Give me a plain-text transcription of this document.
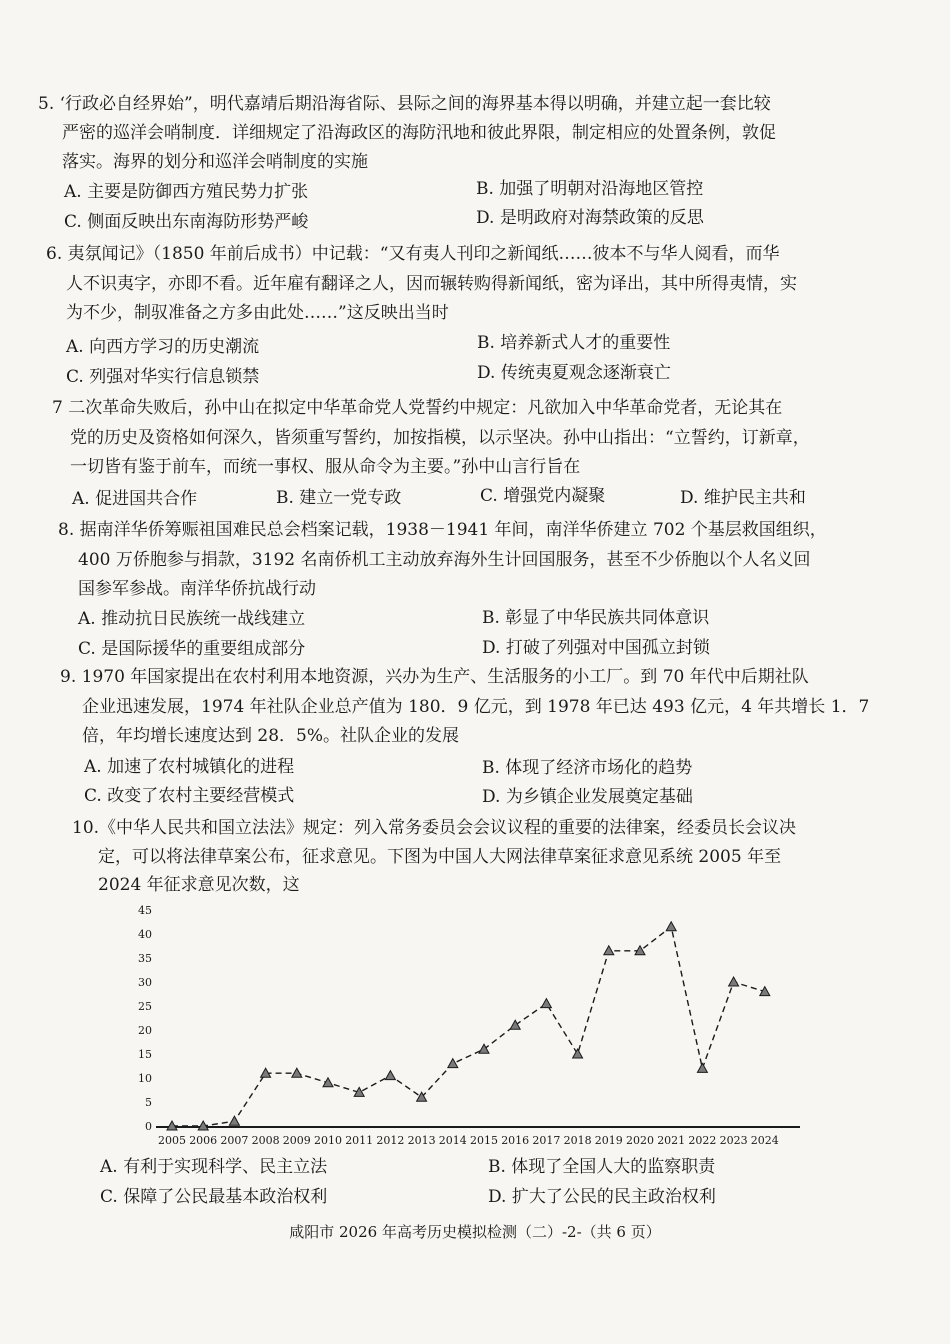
5. ‘行政必自经界始”，明代嘉靖后期沿海省际、县际之间的海界基本得以明确，并建立起一套比较
严密的巡洋会哨制度．详细规定了沿海政区的海防汛地和彼此界限，制定相应的处置条例，敦促
落实。海界的划分和巡洋会哨制度的实施
A. 主要是防御西方殖民势力扩张	B. 加强了明朝对沿海地区管控
C. 侧面反映出东南海防形势严峻	D. 是明政府对海禁政策的反思
6. 夷氛闻记》（1850 年前后成书）中记载：“又有夷人刊印之新闻纸……彼本不与华人阅看，而华
人不识夷字，亦即不看。近年雇有翻译之人，因而辗转购得新闻纸，密为译出，其中所得夷情，实
为不少，制驭准备之方多由此处……”这反映出当时
A. 向西方学习的历史潮流	B. 培养新式人才的重要性
C. 列强对华实行信息锁禁	D. 传统夷夏观念逐渐衰亡
7 二次革命失败后，孙中山在拟定中华革命党人党誓约中规定：凡欲加入中华革命党者，无论其在
党的历史及资格如何深久，皆须重写誓约，加按指模，以示坚决。孙中山指出：“立誓约，订新章，
一切皆有鉴于前车，而统一事权、服从命令为主要。”孙中山言行旨在
A. 促进国共合作	B. 建立一党专政	C. 增强党内凝聚	D. 维护民主共和
8. 据南洋华侨筹赈祖国难民总会档案记载，1938－1941 年间，南洋华侨建立 702 个基层救国组织，
400 万侨胞参与捐款，3192 名南侨机工主动放弃海外生计回国服务，甚至不少侨胞以个人名义回
国参军参战。南洋华侨抗战行动
A. 推动抗日民族统一战线建立	B. 彰显了中华民族共同体意识
C. 是国际援华的重要组成部分	D. 打破了列强对中国孤立封锁
9. 1970 年国家提出在农村利用本地资源，兴办为生产、生活服务的小工厂。到 70 年代中后期社队
企业迅速发展，1974 年社队企业总产值为 180．9 亿元，到 1978 年已达 493 亿元，4 年共增长 1．7
倍，年均增长速度达到 28．5%。社队企业的发展
A. 加速了农村城镇化的进程	B. 体现了经济市场化的趋势
C. 改变了农村主要经营模式	D. 为乡镇企业发展奠定基础
10.《中华人民共和国立法法》规定：列入常务委员会会议议程的重要的法律案，经委员长会议决
定，可以将法律草案公布，征求意见。下图为中国人大网法律草案征求意见系统 2005 年至
2024 年征求意见次数，这
0
5
10
15
20
25
30
35
40
45
2005 2006 2007 2008 2009 2010 2011 2012 2013 2014 2015 2016 2017 2018 2019 2020 2021 2022 2023 2024
A. 有利于实现科学、民主立法	B. 体现了全国人大的监察职责
C. 保障了公民最基本政治权利	D. 扩大了公民的民主政治权利
咸阳市 2026 年高考历史模拟检测（二）-2-（共 6 页）
